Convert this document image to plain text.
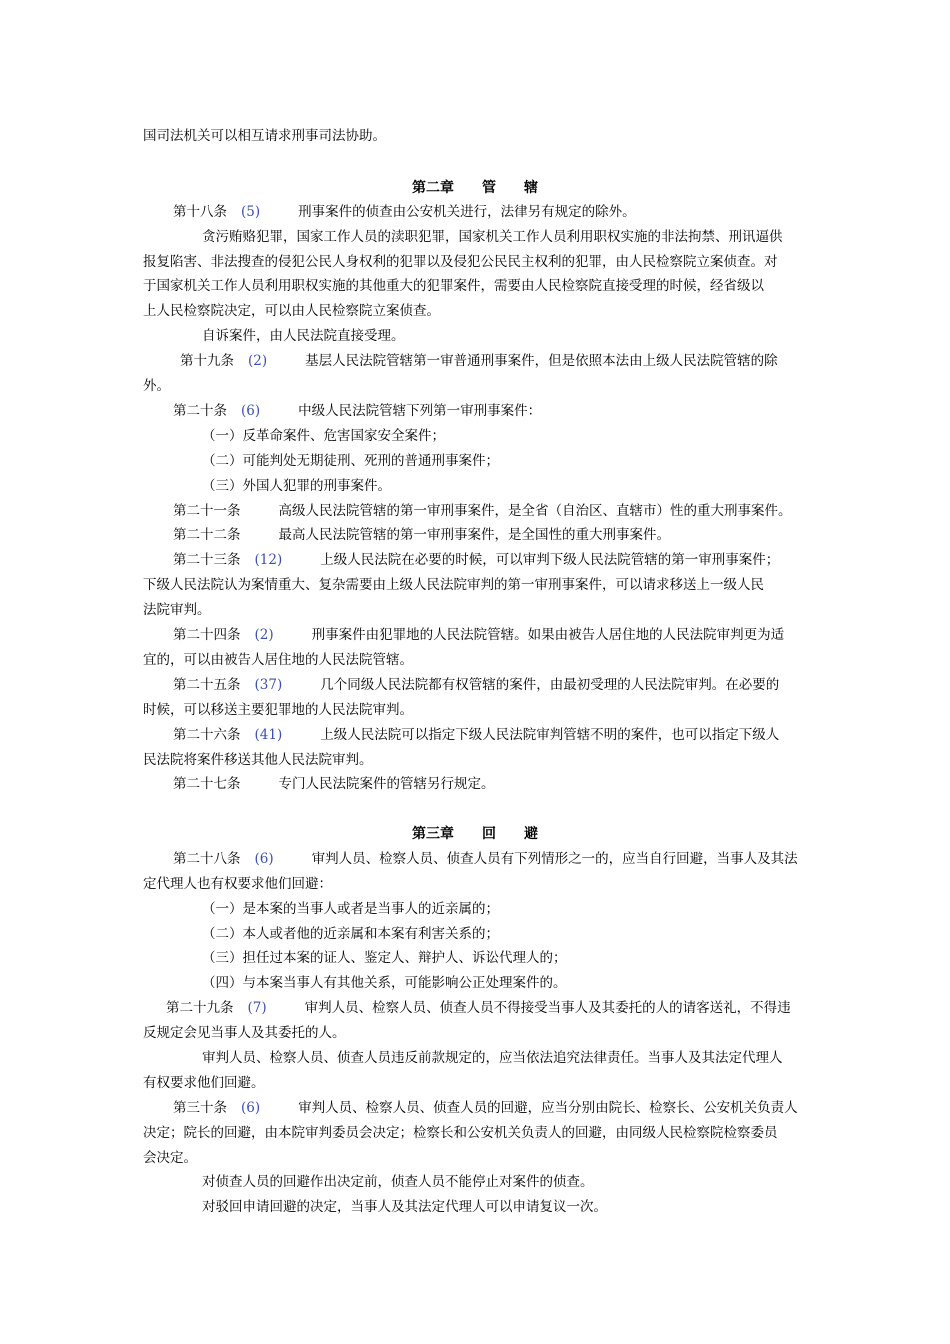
国司法机关可以相互请求刑事司法协助。
第二章　　管　　辖
第十八条 (5)	刑事案件的侦查由公安机关进行，法律另有规定的除外。
贪污贿赂犯罪，国家工作人员的渎职犯罪，国家机关工作人员利用职权实施的非法拘禁、刑讯逼供
报复陷害、非法搜查的侵犯公民人身权利的犯罪以及侵犯公民民主权利的犯罪，由人民检察院立案侦查。对
于国家机关工作人员利用职权实施的其他重大的犯罪案件，需要由人民检察院直接受理的时候，经省级以
上人民检察院决定，可以由人民检察院立案侦查。
自诉案件，由人民法院直接受理。
第十九条 (2)	基层人民法院管辖第一审普通刑事案件，但是依照本法由上级人民法院管辖的除
外。
第二十条 (6)	中级人民法院管辖下列第一审刑事案件：
（一）反革命案件、危害国家安全案件；
（二）可能判处无期徒刑、死刑的普通刑事案件；
（三）外国人犯罪的刑事案件。
第二十一条	高级人民法院管辖的第一审刑事案件，是全省（自治区、直辖市）性的重大刑事案件。
第二十二条	最高人民法院管辖的第一审刑事案件，是全国性的重大刑事案件。
第二十三条 (12)	上级人民法院在必要的时候，可以审判下级人民法院管辖的第一审刑事案件；
下级人民法院认为案情重大、复杂需要由上级人民法院审判的第一审刑事案件，可以请求移送上一级人民
法院审判。
第二十四条 (2)	刑事案件由犯罪地的人民法院管辖。如果由被告人居住地的人民法院审判更为适
宜的，可以由被告人居住地的人民法院管辖。
第二十五条 (37)	几个同级人民法院都有权管辖的案件，由最初受理的人民法院审判。在必要的
时候，可以移送主要犯罪地的人民法院审判。
第二十六条 (41)	上级人民法院可以指定下级人民法院审判管辖不明的案件，也可以指定下级人
民法院将案件移送其他人民法院审判。
第二十七条	专门人民法院案件的管辖另行规定。
第三章　　回　　避
第二十八条 (6)	审判人员、检察人员、侦查人员有下列情形之一的，应当自行回避，当事人及其法
定代理人也有权要求他们回避：
（一）是本案的当事人或者是当事人的近亲属的；
（二）本人或者他的近亲属和本案有利害关系的；
（三）担任过本案的证人、鉴定人、辩护人、诉讼代理人的；
（四）与本案当事人有其他关系，可能影响公正处理案件的。
第二十九条 (7)	审判人员、检察人员、侦查人员不得接受当事人及其委托的人的请客送礼，不得违
反规定会见当事人及其委托的人。
审判人员、检察人员、侦查人员违反前款规定的，应当依法追究法律责任。当事人及其法定代理人
有权要求他们回避。
第三十条 (6)	审判人员、检察人员、侦查人员的回避，应当分别由院长、检察长、公安机关负责人
决定；院长的回避，由本院审判委员会决定；检察长和公安机关负责人的回避，由同级人民检察院检察委员
会决定。
对侦查人员的回避作出决定前，侦查人员不能停止对案件的侦查。
对驳回申请回避的决定，当事人及其法定代理人可以申请复议一次。
